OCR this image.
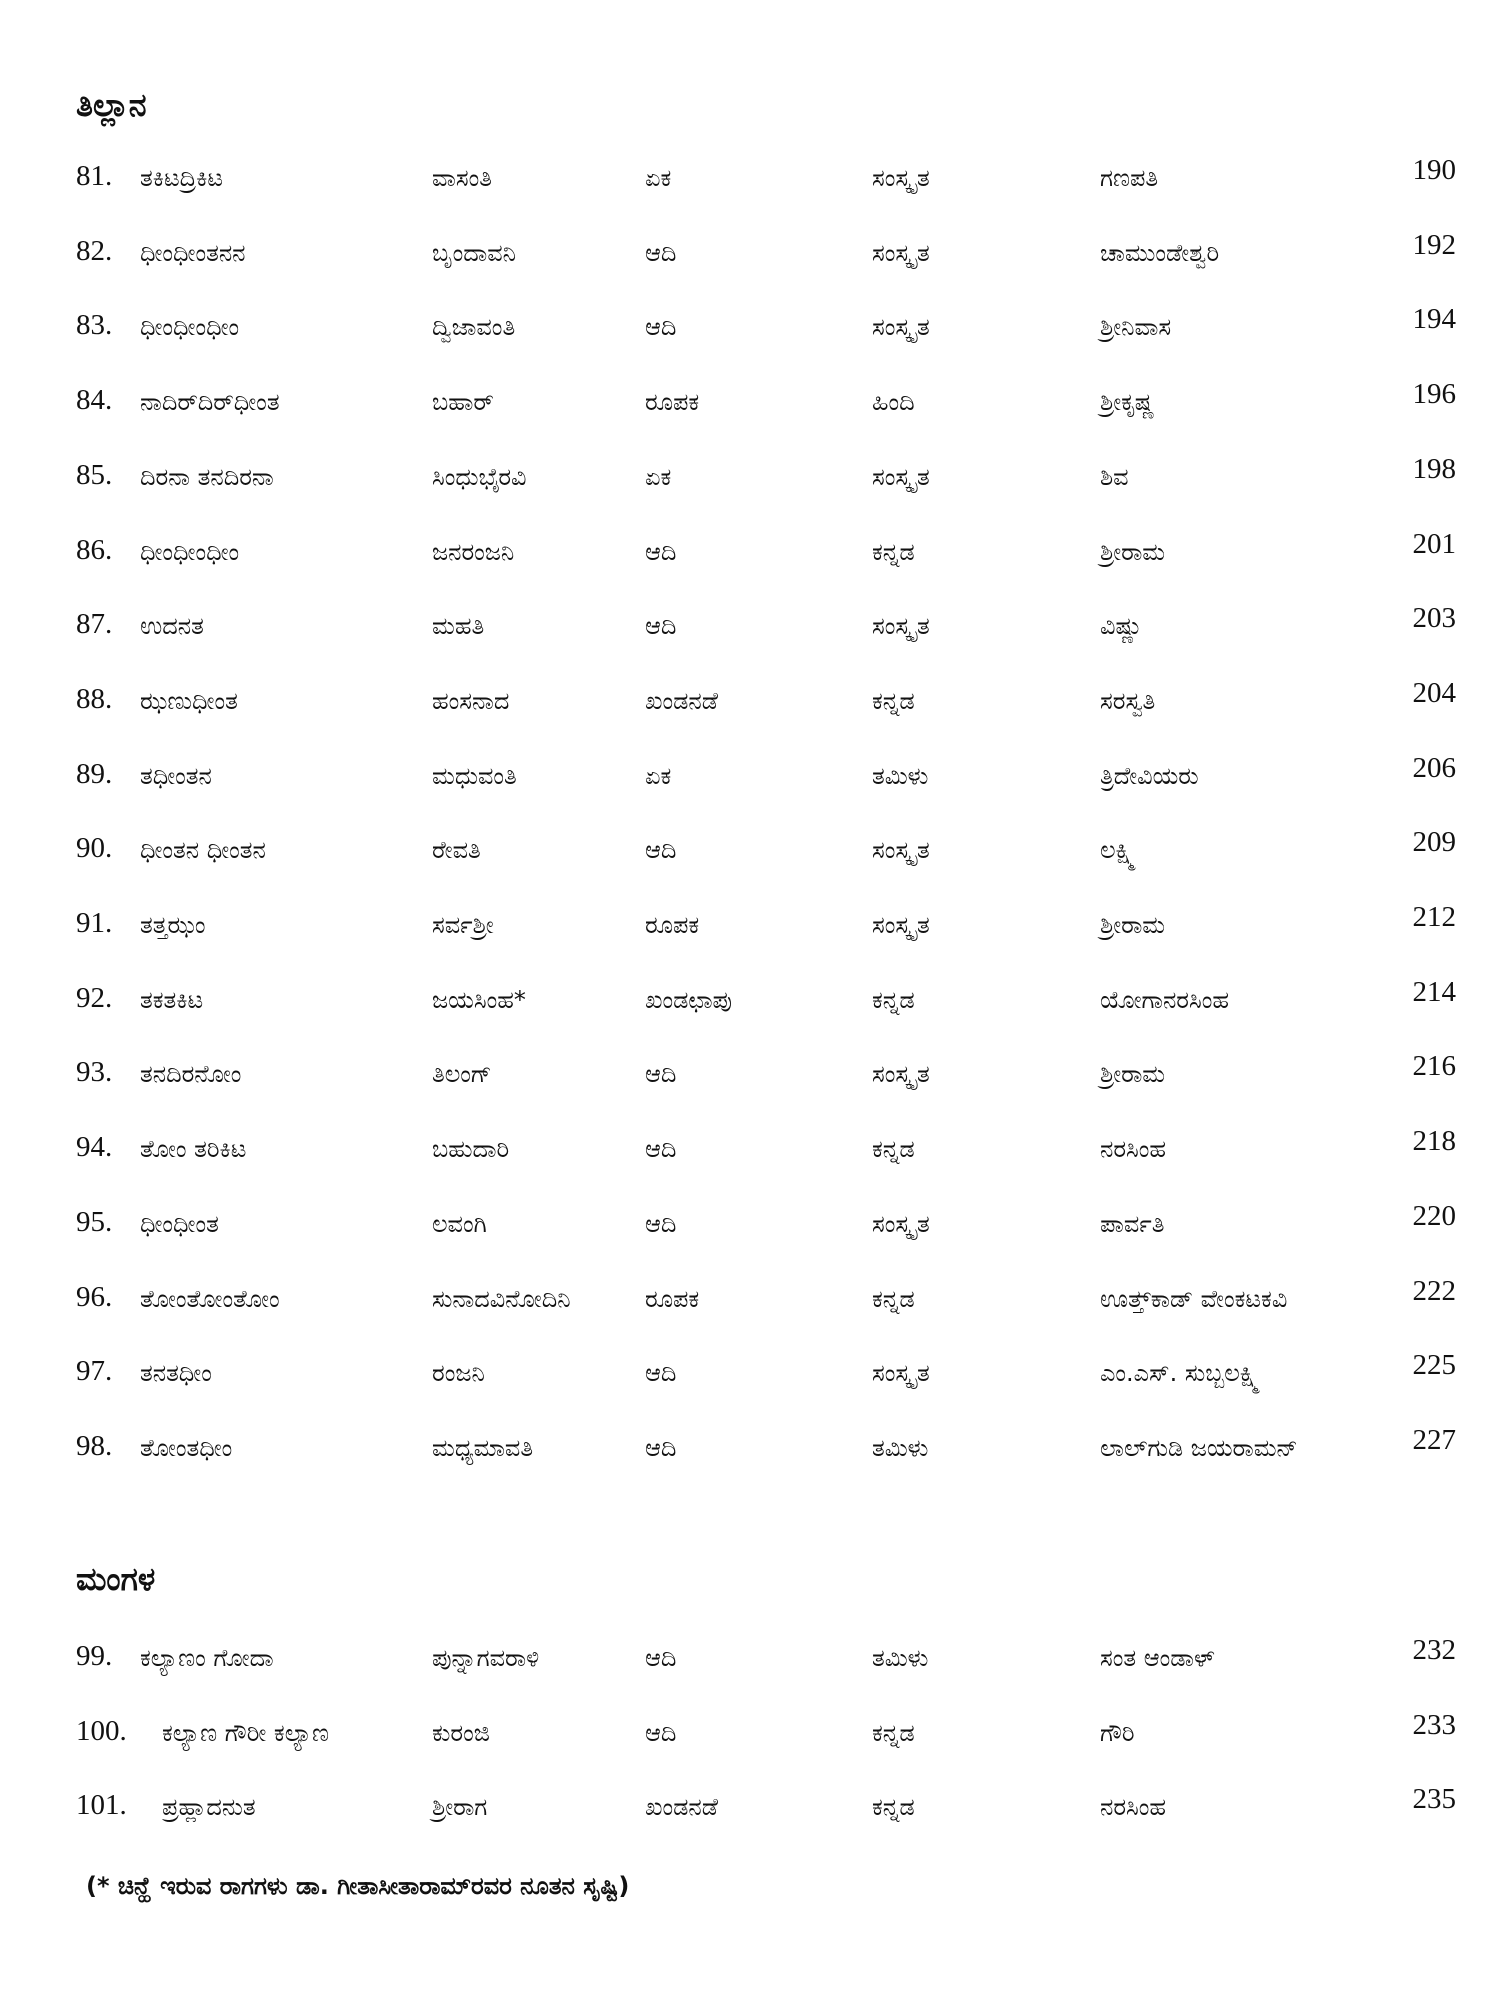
ತಿಲ್ಲಾನ
81. ತಕಿಟದ್ರಿಕಿಟ	ವಾಸಂತಿ	ಏಕ	ಸಂಸ್ಕೃತ	ಗಣಪತಿ	190
82. ಧೀಂಧೀಂತನನ	ಬೃಂದಾವನಿ	ಆದಿ	ಸಂಸ್ಕೃತ	ಚಾಮುಂಡೇಶ್ವರಿ	192
83. ಧೀಂಧೀಂಧೀಂ	ದ್ವಿಜಾವಂತಿ	ಆದಿ	ಸಂಸ್ಕೃತ	ಶ್ರೀನಿವಾಸ	194
84. ನಾದಿರ್‌ದಿರ್‌ಧೀಂತ	ಬಹಾರ್	ರೂಪಕ	ಹಿಂದಿ	ಶ್ರೀಕೃಷ್ಣ	196
85. ದಿರನಾ ತನದಿರನಾ	ಸಿಂಧುಭೈರವಿ	ಏಕ	ಸಂಸ್ಕೃತ	ಶಿವ	198
86. ಧೀಂಧೀಂಧೀಂ	ಜನರಂಜನಿ	ಆದಿ	ಕನ್ನಡ	ಶ್ರೀರಾಮ	201
87. ಉದನತ	ಮಹತಿ	ಆದಿ	ಸಂಸ್ಕೃತ	ವಿಷ್ಣು	203
88. ಝಣುಧೀಂತ	ಹಂಸನಾದ	ಖಂಡನಡೆ	ಕನ್ನಡ	ಸರಸ್ವತಿ	204
89. ತಧೀಂತನ	ಮಧುವಂತಿ	ಏಕ	ತಮಿಳು	ತ್ರಿದೇವಿಯರು	206
90. ಧೀಂತನ ಧೀಂತನ	ರೇವತಿ	ಆದಿ	ಸಂಸ್ಕೃತ	ಲಕ್ಷ್ಮಿ	209
91. ತತ್ತಝಂ	ಸರ್ವಶ್ರೀ	ರೂಪಕ	ಸಂಸ್ಕೃತ	ಶ್ರೀರಾಮ	212
92. ತಕತಕಿಟ	ಜಯಸಿಂಹ*	ಖಂಡಛಾಪು	ಕನ್ನಡ	ಯೋಗಾನರಸಿಂಹ	214
93. ತನದಿರನೋಂ	ತಿಲಂಗ್	ಆದಿ	ಸಂಸ್ಕೃತ	ಶ್ರೀರಾಮ	216
94. ತೋಂ ತರಿಕಿಟ	ಬಹುದಾರಿ	ಆದಿ	ಕನ್ನಡ	ನರಸಿಂಹ	218
95. ಧೀಂಧೀಂತ	ಲವಂಗಿ	ಆದಿ	ಸಂಸ್ಕೃತ	ಪಾರ್ವತಿ	220
96. ತೋಂತೋಂತೋಂ	ಸುನಾದವಿನೋದಿನಿ	ರೂಪಕ	ಕನ್ನಡ	ಊತ್ತ್‌ಕಾಡ್ ವೇಂಕಟಕವಿ	222
97. ತನತಧೀಂ	ರಂಜನಿ	ಆದಿ	ಸಂಸ್ಕೃತ	ಎಂ.ಎಸ್. ಸುಬ್ಬಲಕ್ಷ್ಮಿ	225
98. ತೋಂತಧೀಂ	ಮಧ್ಯಮಾವತಿ	ಆದಿ	ತಮಿಳು	ಲಾಲ್‌ಗುಡಿ ಜಯರಾಮನ್	227
ಮಂಗಳ
99. ಕಲ್ಯಾಣಂ ಗೋದಾ	ಪುನ್ನಾಗವರಾಳಿ	ಆದಿ	ತಮಿಳು	ಸಂತ ಆಂಡಾಳ್	232
100. ಕಲ್ಯಾಣ ಗೌರೀ ಕಲ್ಯಾಣ	ಕುರಂಜಿ	ಆದಿ	ಕನ್ನಡ	ಗೌರಿ	233
101. ಪ್ರಹ್ಲಾದನುತ	ಶ್ರೀರಾಗ	ಖಂಡನಡೆ	ಕನ್ನಡ	ನರಸಿಂಹ	235

(* ಚಿನ್ಹೆ ಇರುವ ರಾಗಗಳು ಡಾ. ಗೀತಾಸೀತಾರಾಮ್‌ರವರ ನೂತನ ಸೃಷ್ಟಿ)
